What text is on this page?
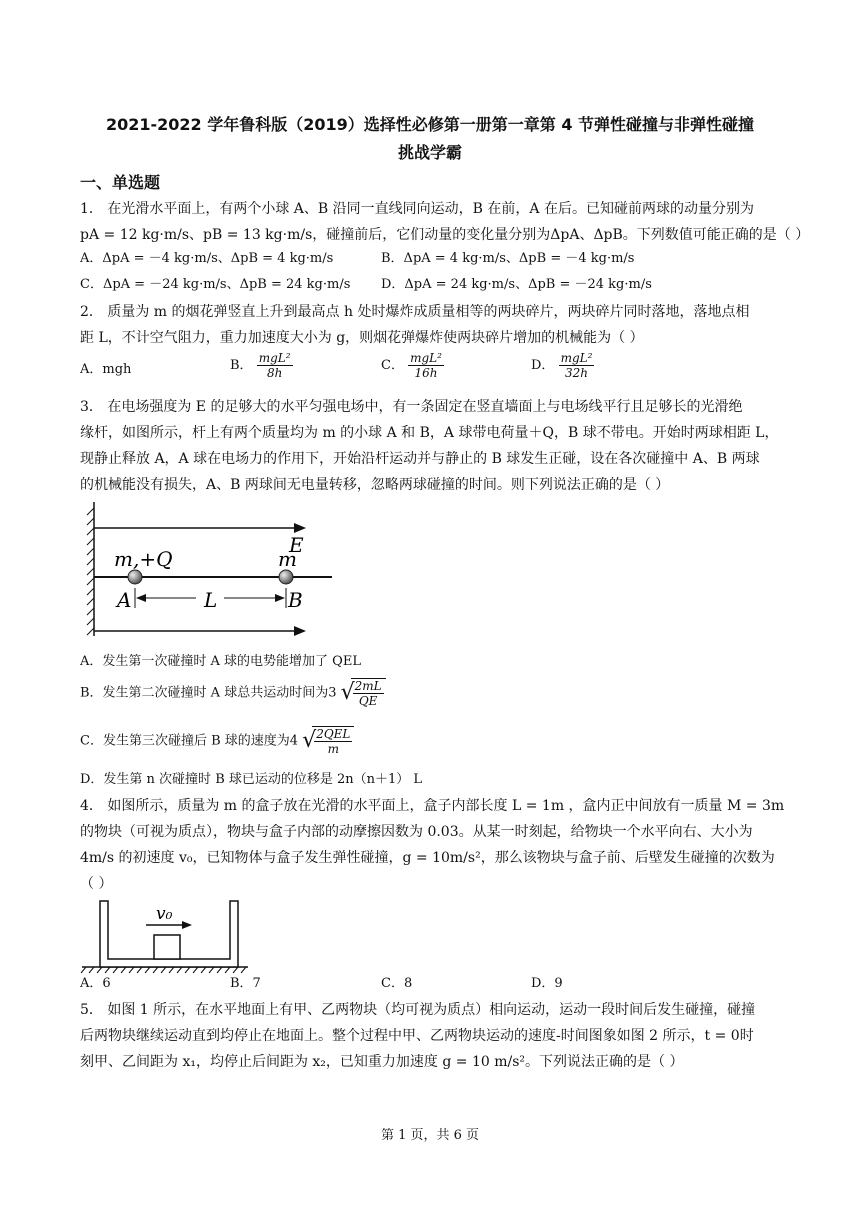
2021-2022 学年鲁科版（2019）选择性必修第一册第一章第 4 节弹性碰撞与非弹性碰撞
挑战学霸
一、单选题
1． 在光滑水平面上，有两个小球 A、B 沿同一直线同向运动，B 在前，A 在后。已知碰前两球的动量分别为
pA = 12 kg·m/s、pB = 13 kg·m/s，碰撞前后，它们动量的变化量分别为ΔpA、ΔpB。下列数值可能正确的是（ ）
A．ΔpA = －4 kg·m/s、ΔpB = 4 kg·m/s	B．ΔpA = 4 kg·m/s、ΔpB = －4 kg·m/s
C．ΔpA = －24 kg·m/s、ΔpB = 24 kg·m/s D．ΔpA = 24 kg·m/s、ΔpB = －24 kg·m/s
2． 质量为 m 的烟花弹竖直上升到最高点 h 处时爆炸成质量相等的两块碎片，两块碎片同时落地，落地点相
距 L，不计空气阻力，重力加速度大小为 g，则烟花弹爆炸使两块碎片增加的机械能为（ ）
A．mgh	B． $\frac{\text{mgL²}}{8h}$	C． $\frac{\text{mgL²}}{16h}$	D． $\frac{\text{mgL²}}{32h}$
3． 在电场强度为 E 的足够大的水平匀强电场中，有一条固定在竖直墙面上与电场线平行且足够长的光滑绝
缘杆，如图所示，杆上有两个质量均为 m 的小球 A 和 B，A 球带电荷量＋Q，B 球不带电。开始时两球相距 L，
现静止释放 A，A 球在电场力的作用下，开始沿杆运动并与静止的 B 球发生正碰，设在各次碰撞中 A、B 两球
的机械能没有损失，A、B 两球间无电量转移，忽略两球碰撞的时间。则下列说法正确的是（ ）
m,+Q	m
E
A	L	B
A．发生第一次碰撞时 A 球的电势能增加了 QEL
B．发生第二次碰撞时 A 球总共运动时间为3 √
$\frac{2mL}{QE}$
C．发生第三次碰撞后 B 球的速度为4 √
$\frac{\text{2QEL}}{m}$
D．发生第 n 次碰撞时 B 球已运动的位移是 2n（n＋1） L
4． 如图所示，质量为 m 的盒子放在光滑的水平面上，盒子内部长度 L = 1m ，盒内正中间放有一质量 M = 3m
的物块（可视为质点），物块与盒子内部的动摩擦因数为 0.03。从某一时刻起，给物块一个水平向右、大小为
4m/s 的初速度 v₀，已知物体与盒子发生弹性碰撞，g = 10m/s²，那么该物块与盒子前、后壁发生碰撞的次数为
（ ）
v₀
A．6	B．7	C．8	D．9
5． 如图 1 所示，在水平地面上有甲、乙两物块（均可视为质点）相向运动，运动一段时间后发生碰撞，碰撞
后两物块继续运动直到均停止在地面上。整个过程中甲、乙两物块运动的速度-时间图象如图 2 所示，t = 0时
刻甲、乙间距为 x₁，均停止后间距为 x₂，已知重力加速度 g = 10 m/s²。下列说法正确的是（ ）
第 1 页，共 6 页
